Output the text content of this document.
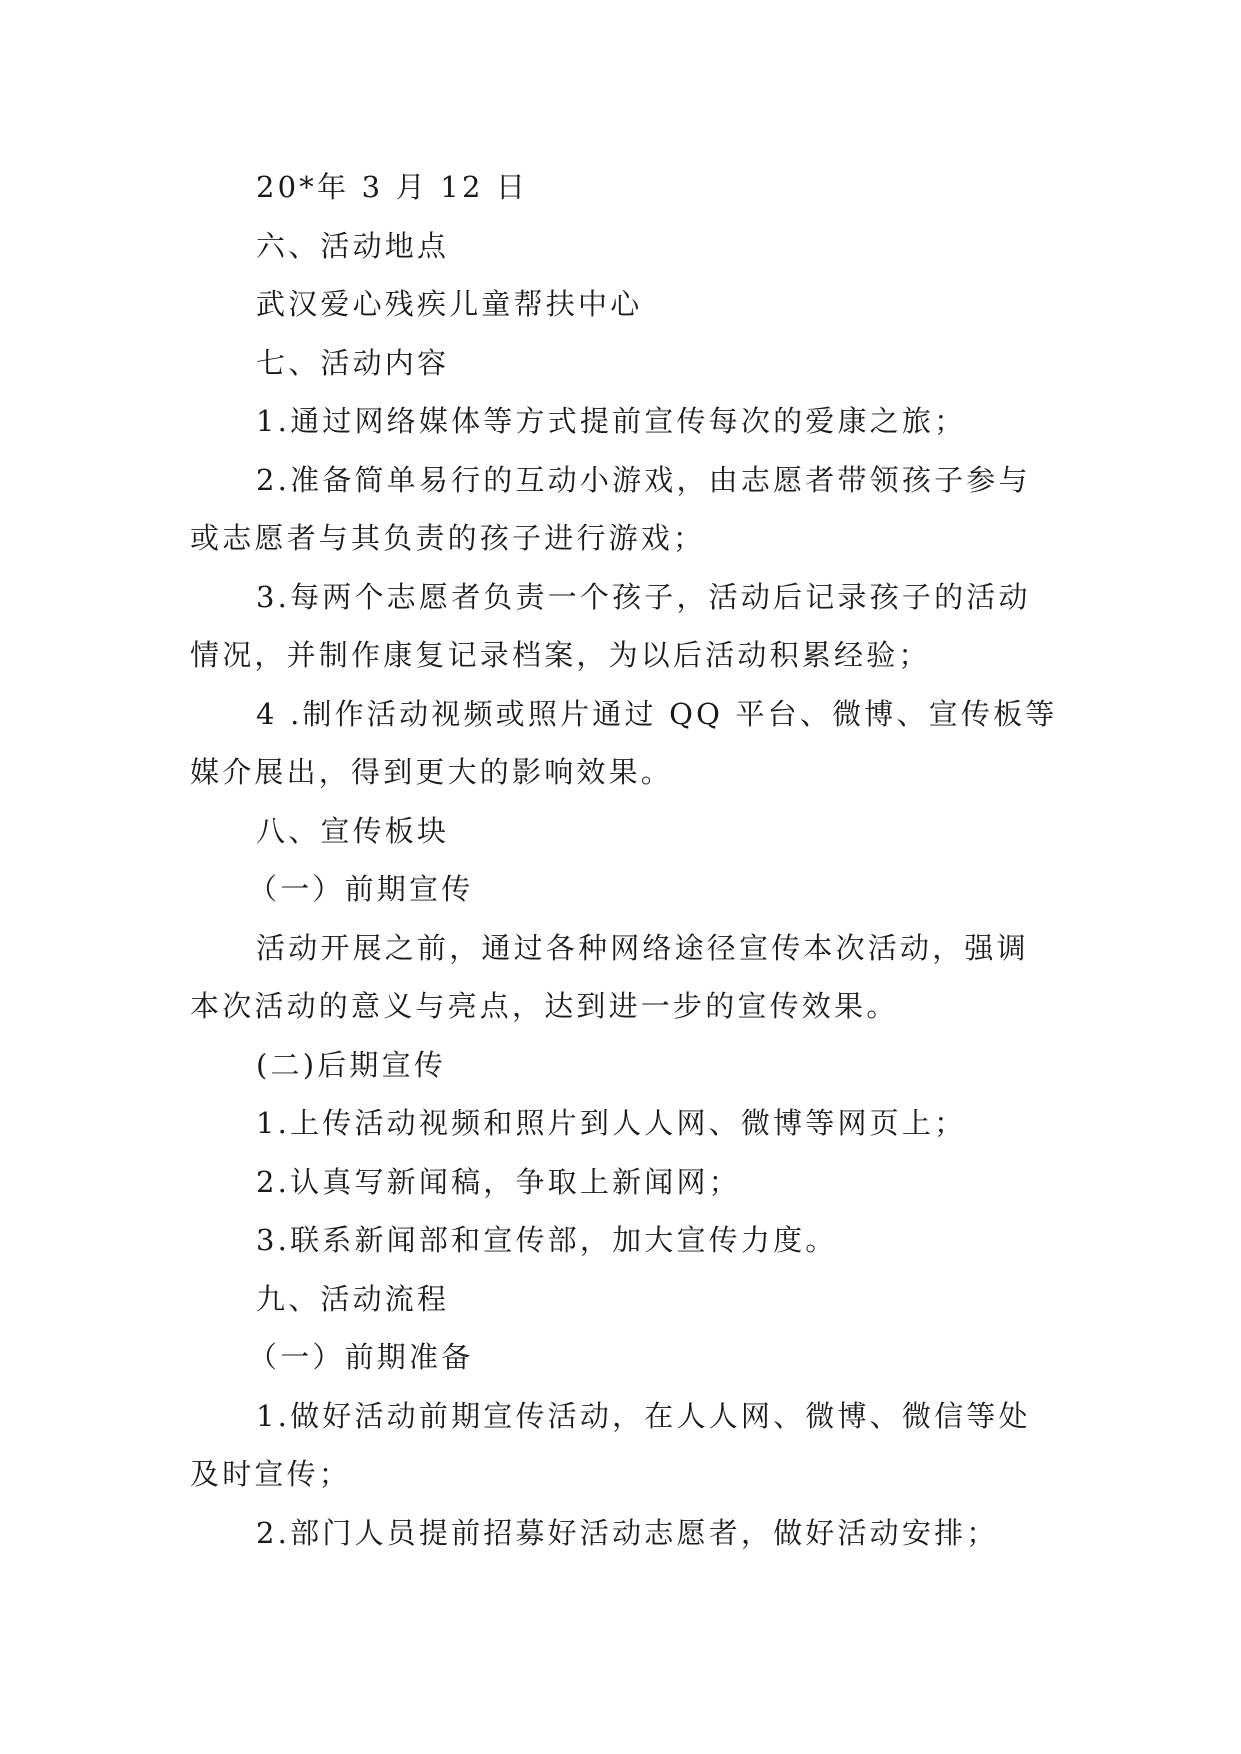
20*年 3 月 12 日

六、活动地点

武汉爱心残疾儿童帮扶中心

七、活动内容

1.通过网络媒体等方式提前宣传每次的爱康之旅；

2.准备简单易行的互动小游戏，由志愿者带领孩子参与

或志愿者与其负责的孩子进行游戏；

3.每两个志愿者负责一个孩子，活动后记录孩子的活动

情况，并制作康复记录档案，为以后活动积累经验；

4 .制作活动视频或照片通过 QQ 平台、微博、宣传板等

媒介展出，得到更大的影响效果。

八、宣传板块

（一）前期宣传

活动开展之前，通过各种网络途径宣传本次活动，强调

本次活动的意义与亮点，达到进一步的宣传效果。

(二)后期宣传

1.上传活动视频和照片到人人网、微博等网页上；

2.认真写新闻稿，争取上新闻网；

3.联系新闻部和宣传部，加大宣传力度。

九、活动流程

（一）前期准备

1.做好活动前期宣传活动，在人人网、微博、微信等处

及时宣传；

2.部门人员提前招募好活动志愿者，做好活动安排；
